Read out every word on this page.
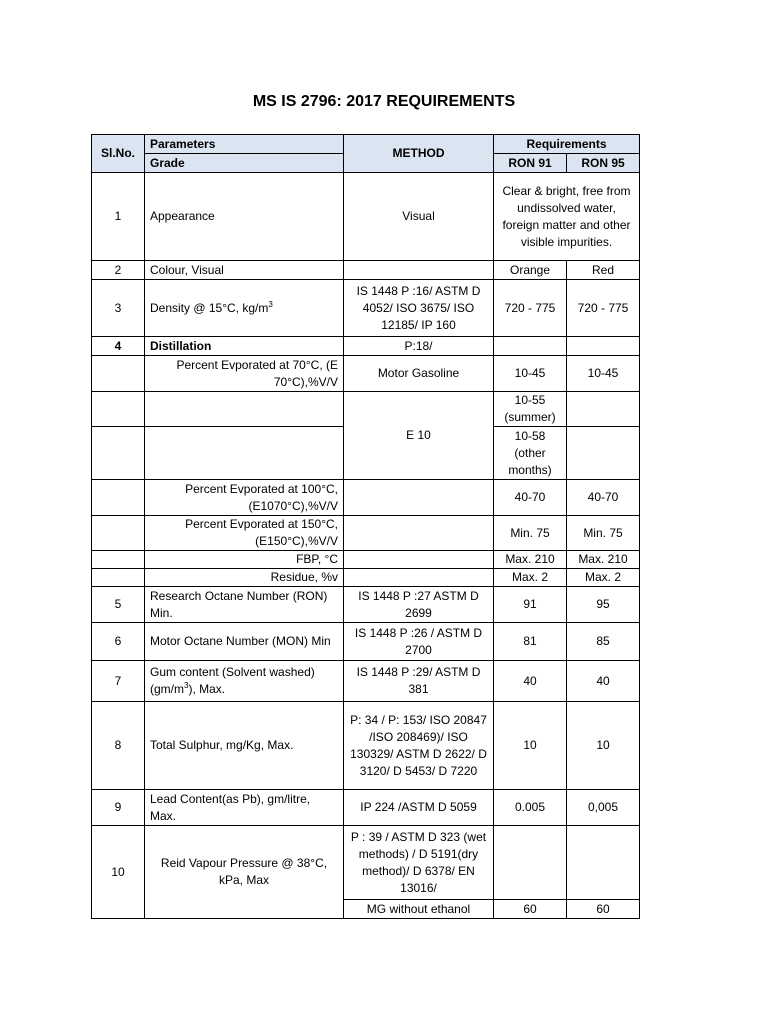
MS IS 2796: 2017 REQUIREMENTS
Sl.No.	Parameters	METHOD	Requirements	
	Grade		RON 91	RON 95
1	Appearance	Visual	Clear & bright, free from undissolved water, foreign matter and other visible impurities.	
2	Colour, Visual		Orange	Red
3	Density @ 15°C, $kg/m^3$	IS 1448 P :16/ ASTM D 4052/ ISO 3675/ ISO 12185/ IP 160	720 - 775	720 - 775
4	Distillation	P:18/		
	Percent Evporated at 70°C, (E 70°C),%V/V	Motor Gasoline	10-45	10-45
		E 10	10-55 (summer)	
			10-58 (other months)	
	Percent Evporated at 100°C, (E1070°C),%V/V		40-70	40-70
	Percent Evporated at 150°C, (E150°C),%V/V		Min. 75	Min. 75
	FBP, °C		Max. 210	Max. 210
	Residue, %v		Max. 2	Max. 2
5	Research Octane Number (RON) Min.	IS 1448 P :27 ASTM D 2699	91	95
6	Motor Octane Number (MON) Min	IS 1448 P :26 / ASTM D 2700	81	85
7	Gum content (Solvent washed) $(gm/m^3)$, Max.	IS 1448 P :29/ ASTM D 381	40	40
8	Total Sulphur, mg/Kg, Max.	P: 34 / P: 153/ ISO 20847 /ISO 208469)/ ISO 130329/ ASTM D 2622/ D 3120/ D 5453/ D 7220	10	10
9	Lead Content(as Pb), gm/litre, Max.	IP 224 /ASTM D 5059	0.005	0,005
10	Reid Vapour Pressure @ 38°C, kPa, Max	P : 39 / ASTM D 323 (wet methods) / D 5191(dry method)/ D 6378/ EN 13016/		
		MG without ethanol	60	60
